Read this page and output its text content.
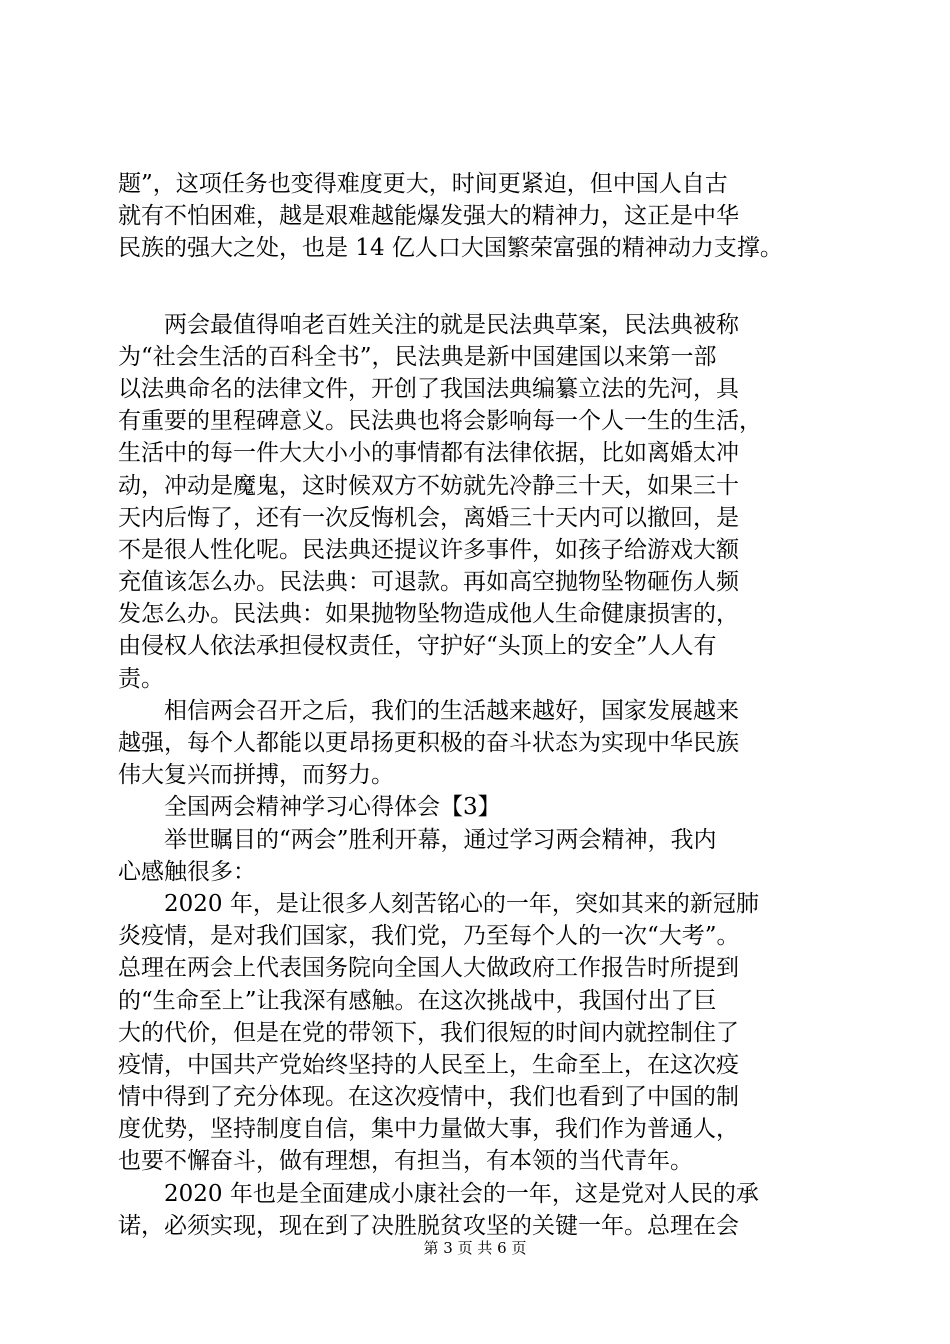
题”，这项任务也变得难度更大，时间更紧迫，但中国人自古
就有不怕困难，越是艰难越能爆发强大的精神力，这正是中华
民族的强大之处，也是 14 亿人口大国繁荣富强的精神动力支撑。
　　两会最值得咱老百姓关注的就是民法典草案，民法典被称
为“社会生活的百科全书”，民法典是新中国建国以来第一部
以法典命名的法律文件，开创了我国法典编纂立法的先河，具
有重要的里程碑意义。民法典也将会影响每一个人一生的生活，
生活中的每一件大大小小的事情都有法律依据，比如离婚太冲
动，冲动是魔鬼，这时候双方不妨就先冷静三十天，如果三十
天内后悔了，还有一次反悔机会，离婚三十天内可以撤回，是
不是很人性化呢。民法典还提议许多事件，如孩子给游戏大额
充值该怎么办。民法典：可退款。再如高空抛物坠物砸伤人频
发怎么办。民法典：如果抛物坠物造成他人生命健康损害的，
由侵权人依法承担侵权责任，守护好“头顶上的安全”人人有
责。
　　相信两会召开之后，我们的生活越来越好，国家发展越来
越强，每个人都能以更昂扬更积极的奋斗状态为实现中华民族
伟大复兴而拼搏，而努力。
　　全国两会精神学习心得体会【3】
　　举世瞩目的“两会”胜利开幕，通过学习两会精神，我内
心感触很多：
　　2020 年，是让很多人刻苦铭心的一年，突如其来的新冠肺
炎疫情，是对我们国家，我们党，乃至每个人的一次“大考”。
总理在两会上代表国务院向全国人大做政府工作报告时所提到
的“生命至上”让我深有感触。在这次挑战中，我国付出了巨
大的代价，但是在党的带领下，我们很短的时间内就控制住了
疫情，中国共产党始终坚持的人民至上，生命至上，在这次疫
情中得到了充分体现。在这次疫情中，我们也看到了中国的制
度优势，坚持制度自信，集中力量做大事，我们作为普通人，
也要不懈奋斗，做有理想，有担当，有本领的当代青年。
　　2020 年也是全面建成小康社会的一年，这是党对人民的承
诺，必须实现，现在到了决胜脱贫攻坚的关键一年。总理在会
第 3 页 共 6 页
